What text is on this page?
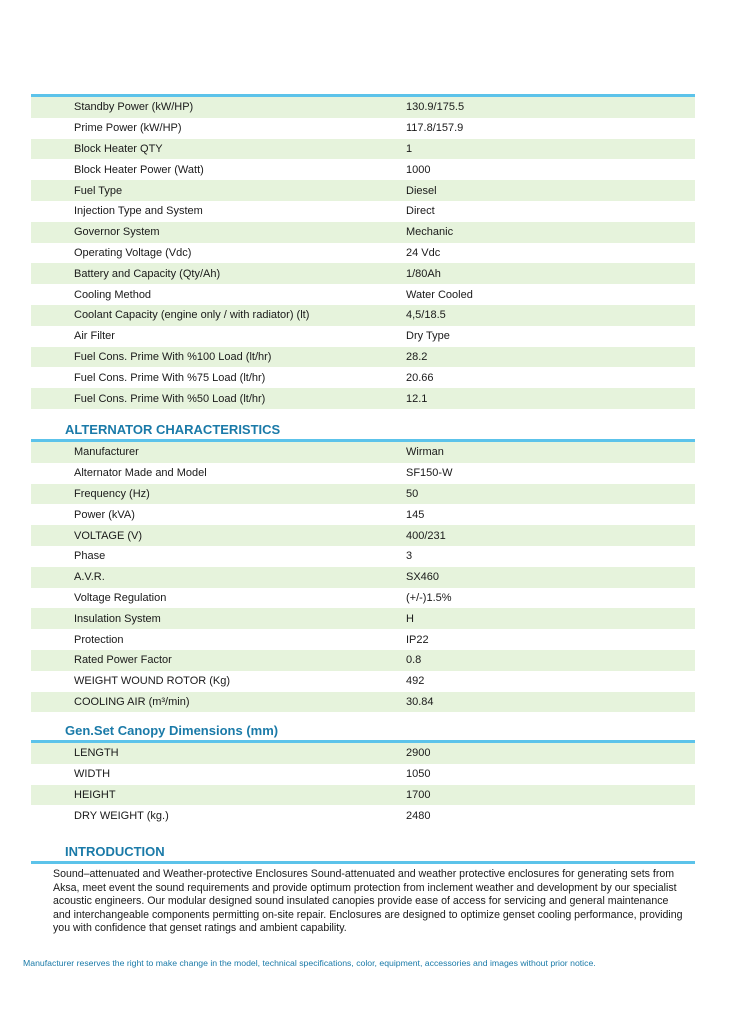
Standby Power (kW/HP)	130.9/175.5
Prime Power (kW/HP)	117.8/157.9
Block Heater QTY	1
Block Heater Power (Watt)	1000
Fuel Type	Diesel
Injection Type and System	Direct
Governor System	Mechanic
Operating Voltage (Vdc)	24 Vdc
Battery and Capacity (Qty/Ah)	1/80Ah
Cooling Method	Water Cooled
Coolant Capacity (engine only / with radiator) (lt)	4,5/18.5
Air Filter	Dry Type
Fuel Cons. Prime With %100 Load (lt/hr)	28.2
Fuel Cons. Prime With %75 Load (lt/hr)	20.66
Fuel Cons. Prime With %50 Load (lt/hr)	12.1
ALTERNATOR CHARACTERISTICS
Manufacturer	Wirman
Alternator Made and Model	SF150-W
Frequency (Hz)	50
Power (kVA)	145
VOLTAGE (V)	400/231
Phase	3
A.V.R.	SX460
Voltage Regulation	(+/-)1.5%
Insulation System	H
Protection	IP22
Rated Power Factor	0.8
WEIGHT WOUND ROTOR (Kg)	492
COOLING AIR (m³/min)	30.84
Gen.Set Canopy Dimensions (mm)
LENGTH	2900
WIDTH	1050
HEIGHT	1700
DRY WEIGHT (kg.)	2480
INTRODUCTION
Sound–attenuated and Weather-protective Enclosures Sound-attenuated and weather protective enclosures for generating sets from Aksa, meet event the sound requirements and provide optimum protection from inclement weather and development by our specialist acoustic engineers. Our modular designed sound insulated canopies provide ease of access for servicing and general maintenance and interchangeable components permitting on-site repair. Enclosures are designed to optimize genset cooling performance, providing you with confidence that genset ratings and ambient capability.
Manufacturer reserves the right to make change in the model, technical specifications, color, equipment, accessories and images without prior notice.
